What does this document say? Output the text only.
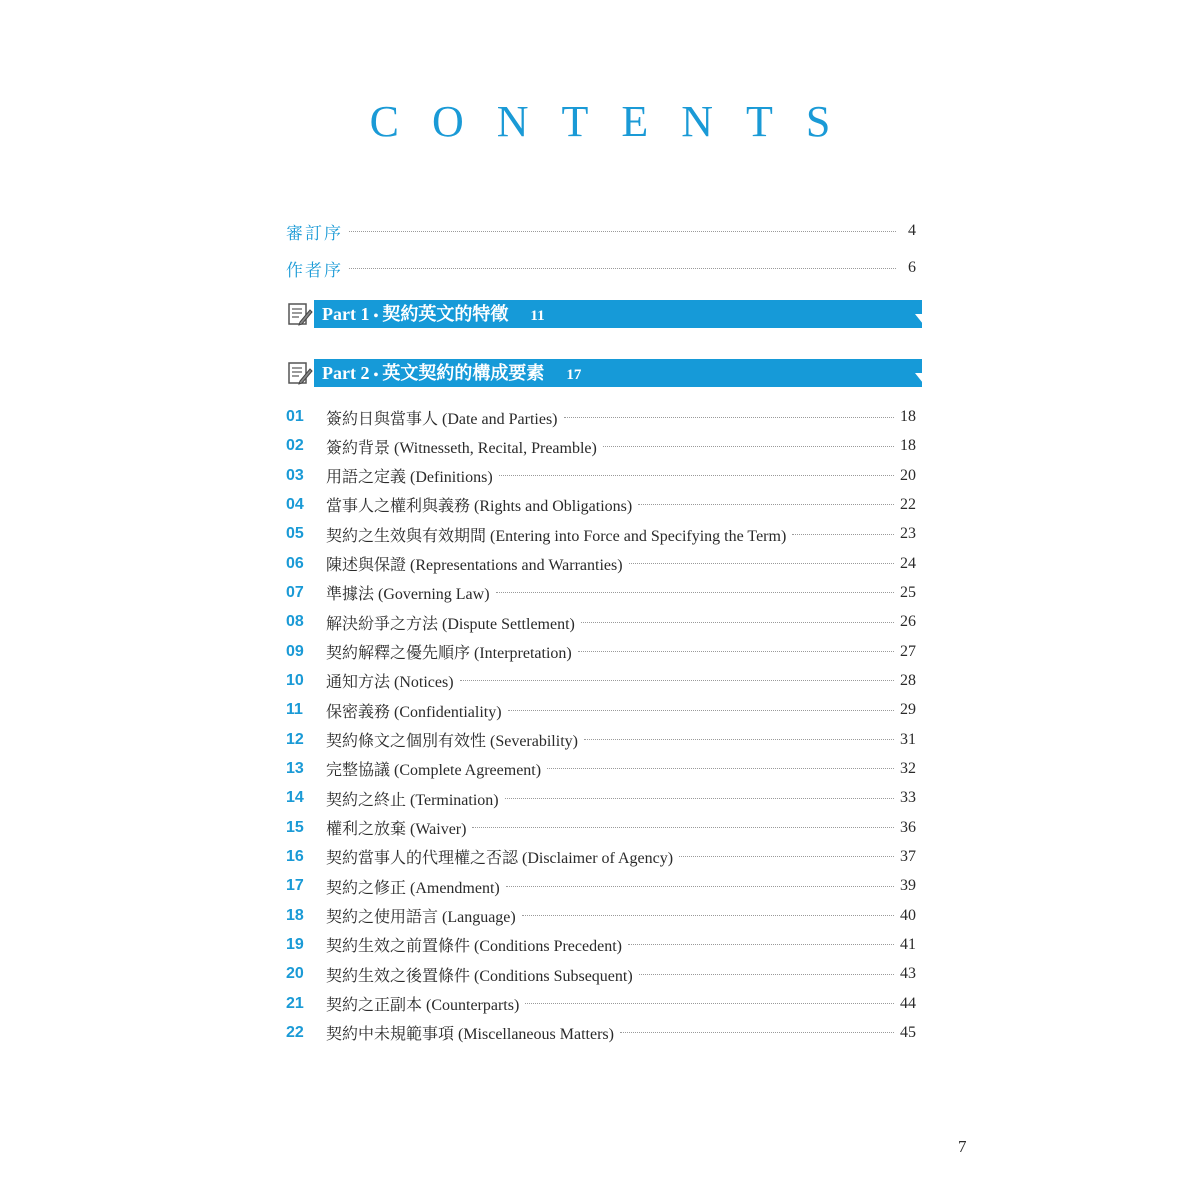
CONTENTS
審訂序	4
作者序	6
Part 1 • 契約英文的特徵 11
Part 2 • 英文契約的構成要素 17
01	簽約日與當事人 (Date and Parties)	18
02	簽約背景 (Witnesseth, Recital, Preamble)	18
03	用語之定義 (Definitions)	20
04	當事人之權利與義務 (Rights and Obligations)	22
05	契約之生效與有效期間 (Entering into Force and Specifying the Term)	23
06	陳述與保證 (Representations and Warranties)	24
07	準據法 (Governing Law)	25
08	解決紛爭之方法 (Dispute Settlement)	26
09	契約解釋之優先順序 (Interpretation)	27
10	通知方法 (Notices)	28
11	保密義務 (Confidentiality)	29
12	契約條文之個別有效性 (Severability)	31
13	完整協議 (Complete Agreement)	32
14	契約之終止 (Termination)	33
15	權利之放棄 (Waiver)	36
16	契約當事人的代理權之否認 (Disclaimer of Agency)	37
17	契約之修正 (Amendment)	39
18	契約之使用語言 (Language)	40
19	契約生效之前置條件 (Conditions Precedent)	41
20	契約生效之後置條件 (Conditions Subsequent)	43
21	契約之正副本 (Counterparts)	44
22	契約中未規範事項 (Miscellaneous Matters)	45
7
